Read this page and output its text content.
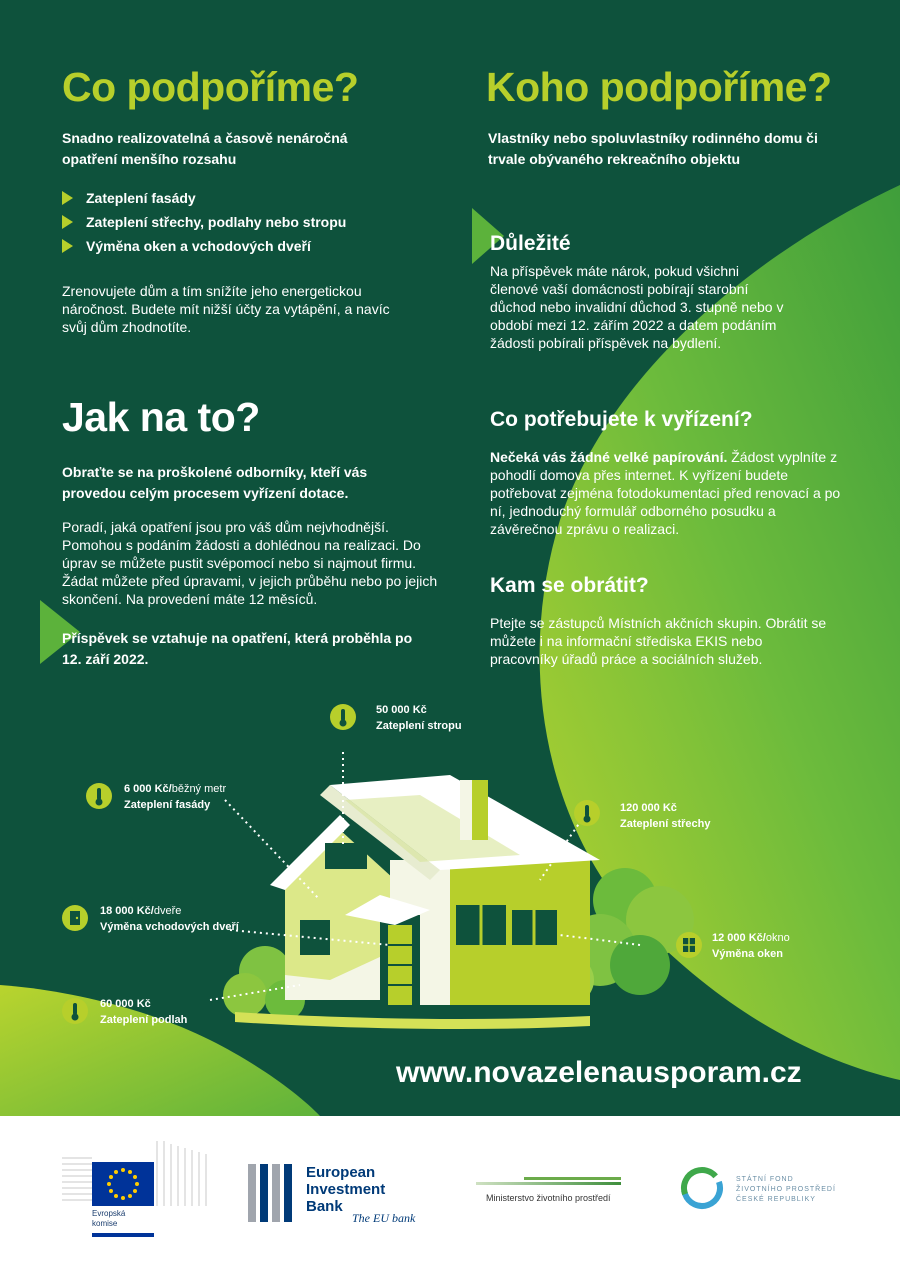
Co podpoříme?
Snadno realizovatelná a časově nenáročná opatření menšího rozsahu
Zateplení fasády
Zateplení střechy, podlahy nebo stropu
Výměna oken a vchodových dveří
Zrenovujete dům a tím snížíte jeho energetickou náročnost. Budete mít nižší účty za vytápění, a navíc svůj dům zhodnotíte.
Jak na to?
Obraťte se na proškolené odborníky, kteří vás provedou celým procesem vyřízení dotace.
Poradí, jaká opatření jsou pro váš dům nejvhodnější. Pomohou s podáním žádosti a dohlédnou na realizaci. Do úprav se můžete pustit svépomocí nebo si najmout firmu. Žádat můžete před úpravami, v jejich průběhu nebo po jejich skončení. Na provedení máte 12 měsíců.
Příspěvek se vztahuje na opatření, která proběhla po 12. září 2022.
Koho podpoříme?
Vlastníky nebo spoluvlastníky rodinného domu či trvale obývaného rekreačního objektu
Důležité
Na příspěvek máte nárok, pokud všichni členové vaší domácnosti pobírají starobní důchod nebo invalidní důchod 3. stupně nebo v období mezi 12. zářím 2022 a datem podáním žádosti pobírali příspěvek na bydlení.
Co potřebujete k vyřízení?
Nečeká vás žádné velké papírování. Žádost vyplníte z pohodlí domova přes internet. K vyřízení budete potřebovat zejména fotodokumentaci před renovací a po ní, jednoduchý formulář odborného posudku a závěrečnou zprávu o realizaci.
Kam se obrátit?
Ptejte se zástupců Místních akčních skupin. Obrátit se můžete i na informační střediska EKIS nebo pracovníky úřadů práce a sociálních služeb.
50 000 Kč
Zateplení stropu
6 000 Kč/běžný metr
Zateplení fasády	120 000 Kč
Zateplení střechy
18 000 Kč/dveře
Výměna vchodových dveří
12 000 Kč/okno
Výměna oken
60 000 Kč
Zateplení podlah
www.novazelenausporam.cz
Evropská
komise
European
Investment
Bank
The EU bank
Ministerstvo životního prostředí
STÁTNÍ FOND
ŽIVOTNÍHO PROSTŘEDÍ
ČESKÉ REPUBLIKY
